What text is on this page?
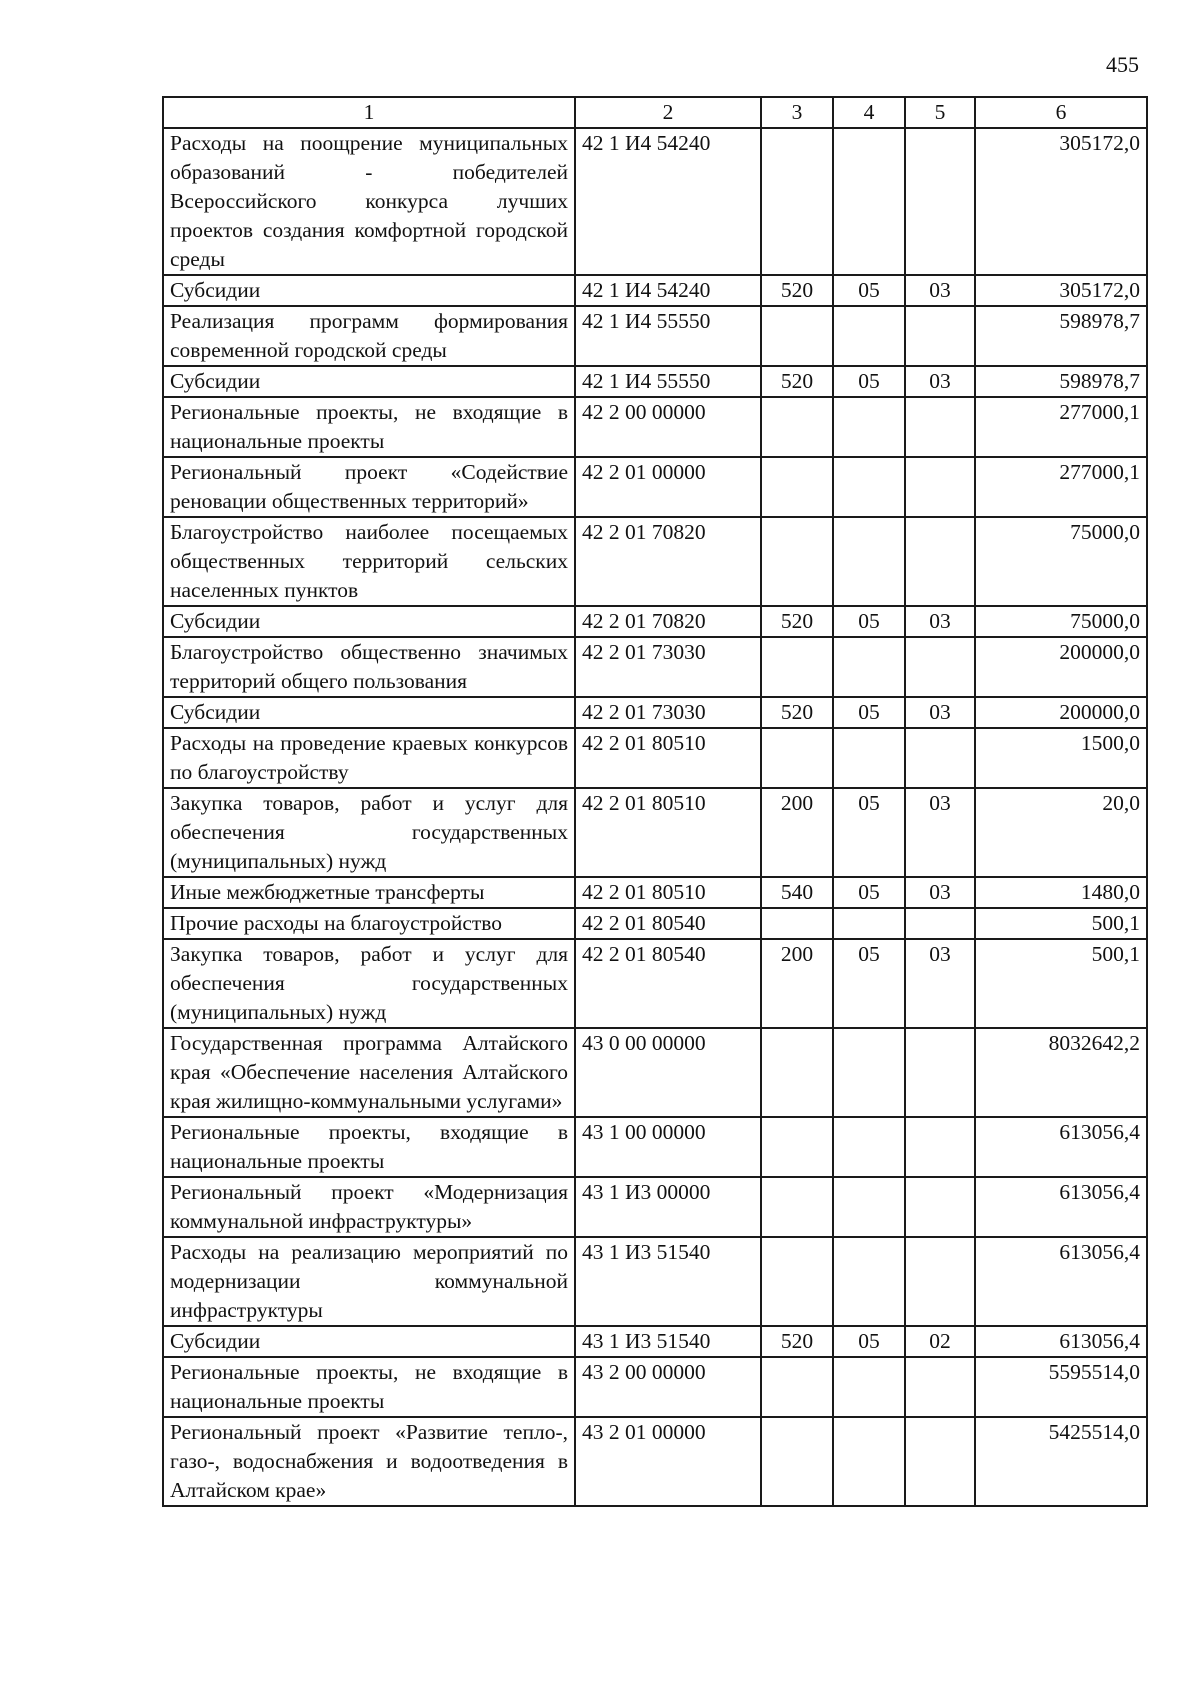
455
1	2	3	4	5	6
Расходы на поощрение муниципальных образований - победителей Всероссийского конкурса лучших проектов создания комфортной городской среды	42 1 И4 54240				305172,0
Субсидии	42 1 И4 54240	520	05	03	305172,0
Реализация программ формирования современной городской среды	42 1 И4 55550				598978,7
Субсидии	42 1 И4 55550	520	05	03	598978,7
Региональные проекты, не входящие в национальные проекты	42 2 00 00000				277000,1
Региональный проект «Содействие реновации общественных территорий»	42 2 01 00000				277000,1
Благоустройство наиболее посещаемых общественных территорий сельских населенных пунктов	42 2 01 70820				75000,0
Субсидии	42 2 01 70820	520	05	03	75000,0
Благоустройство общественно значимых территорий общего пользования	42 2 01 73030				200000,0
Субсидии	42 2 01 73030	520	05	03	200000,0
Расходы на проведение краевых конкурсов по благоустройству	42 2 01 80510				1500,0
Закупка товаров, работ и услуг для обеспечения государственных (муниципальных) нужд	42 2 01 80510	200	05	03	20,0
Иные межбюджетные трансферты	42 2 01 80510	540	05	03	1480,0
Прочие расходы на благоустройство	42 2 01 80540				500,1
Закупка товаров, работ и услуг для обеспечения государственных (муниципальных) нужд	42 2 01 80540	200	05	03	500,1
Государственная программа Алтайского края «Обеспечение населения Алтайского края жилищно-коммунальными услугами»	43 0 00 00000				8032642,2
Региональные проекты, входящие в национальные проекты	43 1 00 00000				613056,4
Региональный проект «Модернизация коммунальной инфраструктуры»	43 1 И3 00000				613056,4
Расходы на реализацию мероприятий по модернизации коммунальной инфраструктуры	43 1 И3 51540				613056,4
Субсидии	43 1 И3 51540	520	05	02	613056,4
Региональные проекты, не входящие в национальные проекты	43 2 00 00000				5595514,0
Региональный проект «Развитие тепло-, газо-, водоснабжения и водоотведения в Алтайском крае»	43 2 01 00000				5425514,0
